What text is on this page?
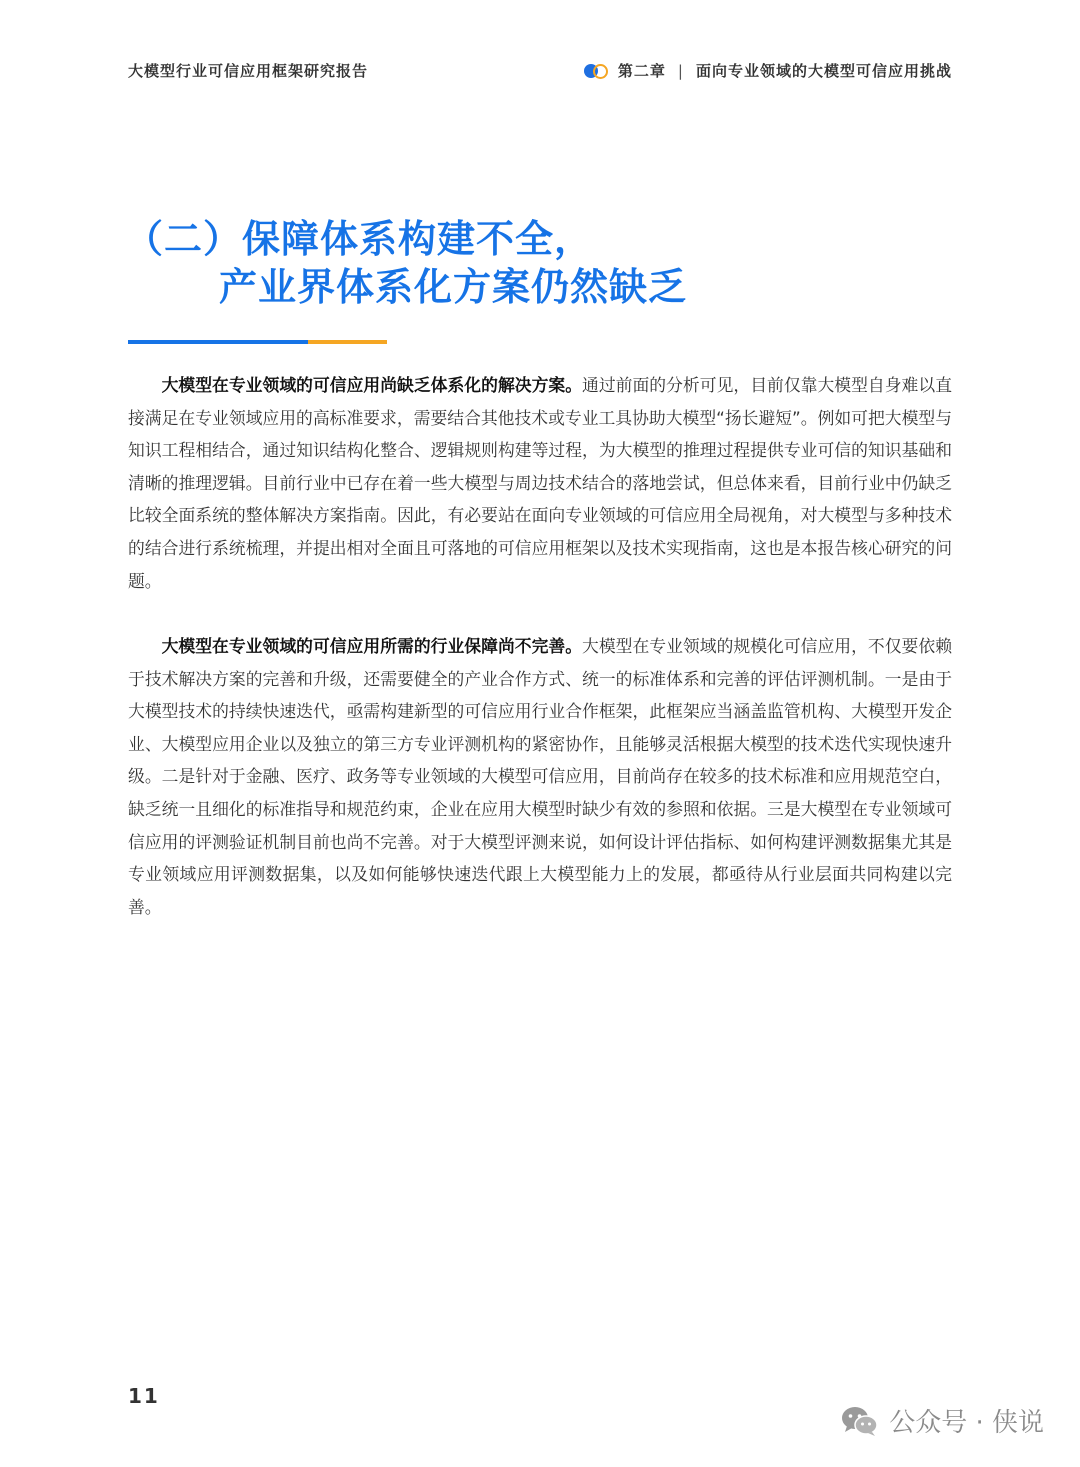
大模型行业可信应用框架研究报告	第二章 | 面向专业领域的大模型可信应用挑战
（二）保障体系构建不全，
产业界体系化方案仍然缺乏

大模型在专业领域的可信应用尚缺乏体系化的解决方案。通过前面的分析可见，目前仅靠大模型自身难以直接满足在专业领域应用的高标准要求，需要结合其他技术或专业工具协助大模型“扬长避短”。例如可把大模型与知识工程相结合，通过知识结构化整合、逻辑规则构建等过程，为大模型的推理过程提供专业可信的知识基础和清晰的推理逻辑。目前行业中已存在着一些大模型与周边技术结合的落地尝试，但总体来看，目前行业中仍缺乏比较全面系统的整体解决方案指南。因此，有必要站在面向专业领域的可信应用全局视角，对大模型与多种技术的结合进行系统梳理，并提出相对全面且可落地的可信应用框架以及技术实现指南，这也是本报告核心研究的问题。

大模型在专业领域的可信应用所需的行业保障尚不完善。大模型在专业领域的规模化可信应用，不仅要依赖于技术解决方案的完善和升级，还需要健全的产业合作方式、统一的标准体系和完善的评估评测机制。一是由于大模型技术的持续快速迭代，亟需构建新型的可信应用行业合作框架，此框架应当涵盖监管机构、大模型开发企业、大模型应用企业以及独立的第三方专业评测机构的紧密协作，且能够灵活根据大模型的技术迭代实现快速升级。二是针对于金融、医疗、政务等专业领域的大模型可信应用，目前尚存在较多的技术标准和应用规范空白，缺乏统一且细化的标准指导和规范约束，企业在应用大模型时缺少有效的参照和依据。三是大模型在专业领域可信应用的评测验证机制目前也尚不完善。对于大模型评测来说，如何设计评估指标、如何构建评测数据集尤其是专业领域应用评测数据集，以及如何能够快速迭代跟上大模型能力上的发展，都亟待从行业层面共同构建以完善。

11
公众号 · 侠说
